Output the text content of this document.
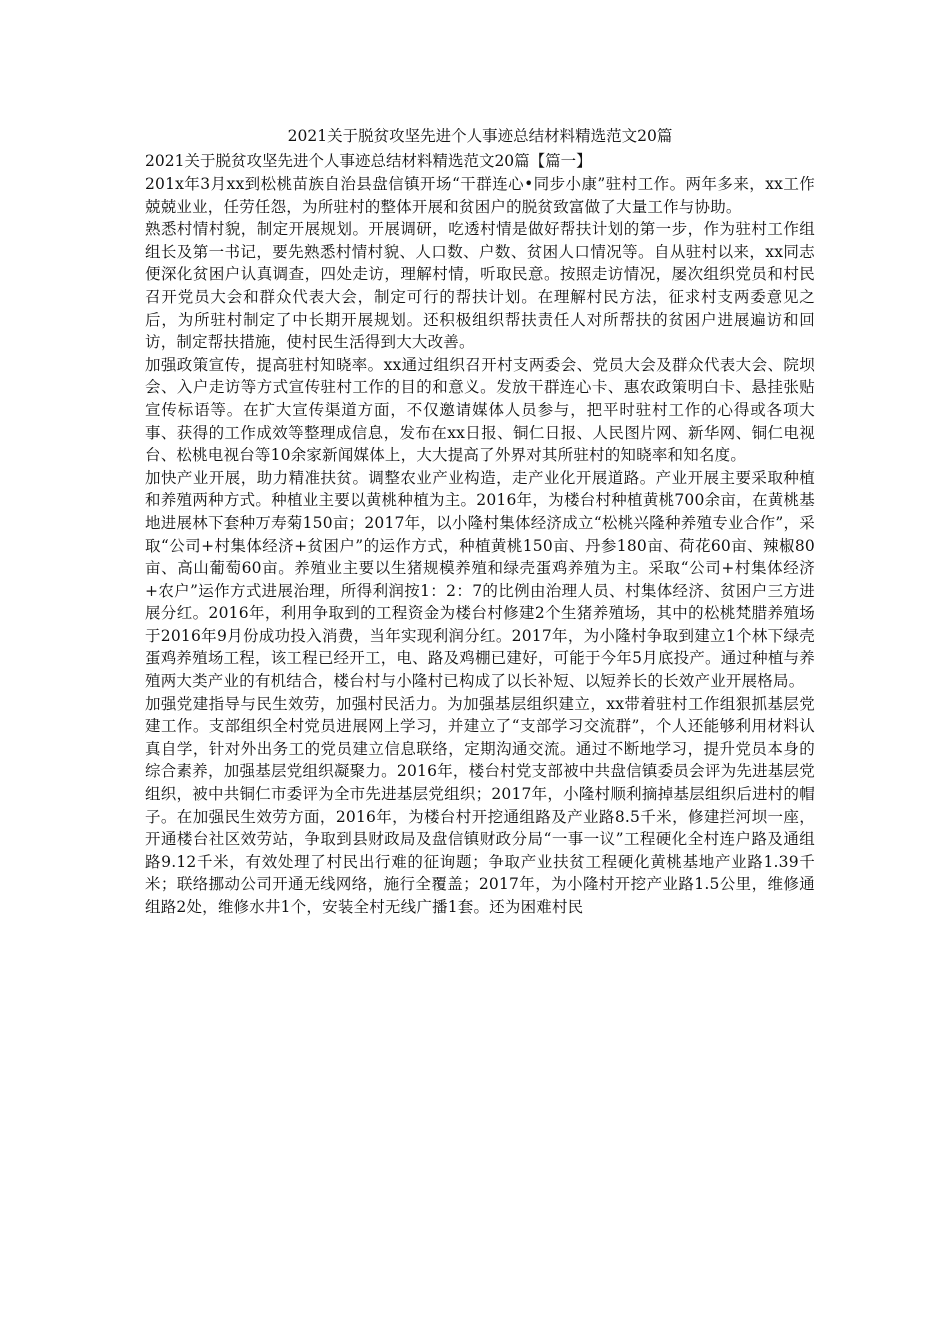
2021关于脱贫攻坚先进个人事迹总结材料精选范文20篇
2021关于脱贫攻坚先进个人事迹总结材料精选范文20篇【篇一】

201x年3月xx到松桃苗族自治县盘信镇开场“干群连心•同步小康”驻村工作。两年多来，xx工作兢兢业业，任劳任怨，为所驻村的整体开展和贫困户的脱贫致富做了大量工作与协助。

熟悉村情村貌，制定开展规划。开展调研，吃透村情是做好帮扶计划的第一步，作为驻村工作组组长及第一书记，要先熟悉村情村貌、人口数、户数、贫困人口情况等。自从驻村以来，xx同志便深化贫困户认真调查，四处走访，理解村情，听取民意。按照走访情况，屡次组织党员和村民召开党员大会和群众代表大会，制定可行的帮扶计划。在理解村民方法，征求村支两委意见之后，为所驻村制定了中长期开展规划。还积极组织帮扶责任人对所帮扶的贫困户进展遍访和回访，制定帮扶措施，使村民生活得到大大改善。

加强政策宣传，提高驻村知晓率。xx通过组织召开村支两委会、党员大会及群众代表大会、院坝会、入户走访等方式宣传驻村工作的目的和意义。发放干群连心卡、惠农政策明白卡、悬挂张贴宣传标语等。在扩大宣传渠道方面，不仅邀请媒体人员参与，把平时驻村工作的心得或各项大事、获得的工作成效等整理成信息，发布在xx日报、铜仁日报、人民图片网、新华网、铜仁电视台、松桃电视台等10余家新闻媒体上，大大提高了外界对其所驻村的知晓率和知名度。

加快产业开展，助力精准扶贫。调整农业产业构造，走产业化开展道路。产业开展主要采取种植和养殖两种方式。种植业主要以黄桃种植为主。2016年，为楼台村种植黄桃700余亩，在黄桃基地进展林下套种万寿菊150亩；2017年，以小隆村集体经济成立“松桃兴隆种养殖专业合作”，采取“公司+村集体经济+贫困户”的运作方式，种植黄桃150亩、丹参180亩、荷花60亩、辣椒80亩、高山葡萄60亩。养殖业主要以生猪规模养殖和绿壳蛋鸡养殖为主。采取“公司+村集体经济+农户”运作方式进展治理，所得利润按1：2：7的比例由治理人员、村集体经济、贫困户三方进展分红。2016年，利用争取到的工程资金为楼台村修建2个生猪养殖场，其中的松桃梵腊养殖场于2016年9月份成功投入消费，当年实现利润分红。2017年，为小隆村争取到建立1个林下绿壳蛋鸡养殖场工程，该工程已经开工，电、路及鸡棚已建好，可能于今年5月底投产。通过种植与养殖两大类产业的有机结合，楼台村与小隆村已构成了以长补短、以短养长的长效产业开展格局。

加强党建指导与民生效劳，加强村民活力。为加强基层组织建立，xx带着驻村工作组狠抓基层党建工作。支部组织全村党员进展网上学习，并建立了“支部学习交流群”，个人还能够利用材料认真自学，针对外出务工的党员建立信息联络，定期沟通交流。通过不断地学习，提升党员本身的综合素养，加强基层党组织凝聚力。2016年，楼台村党支部被中共盘信镇委员会评为先进基层党组织，被中共铜仁市委评为全市先进基层党组织；2017年，小隆村顺利摘掉基层组织后进村的帽子。在加强民生效劳方面，2016年，为楼台村开挖通组路及产业路8.5千米，修建拦河坝一座，开通楼台社区效劳站，争取到县财政局及盘信镇财政分局“一事一议”工程硬化全村连户路及通组路9.12千米，有效处理了村民出行难的征询题；争取产业扶贫工程硬化黄桃基地产业路1.39千米；联络挪动公司开通无线网络，施行全覆盖；2017年，为小隆村开挖产业路1.5公里，维修通组路2处，维修水井1个，安装全村无线广播1套。还为困难村民
